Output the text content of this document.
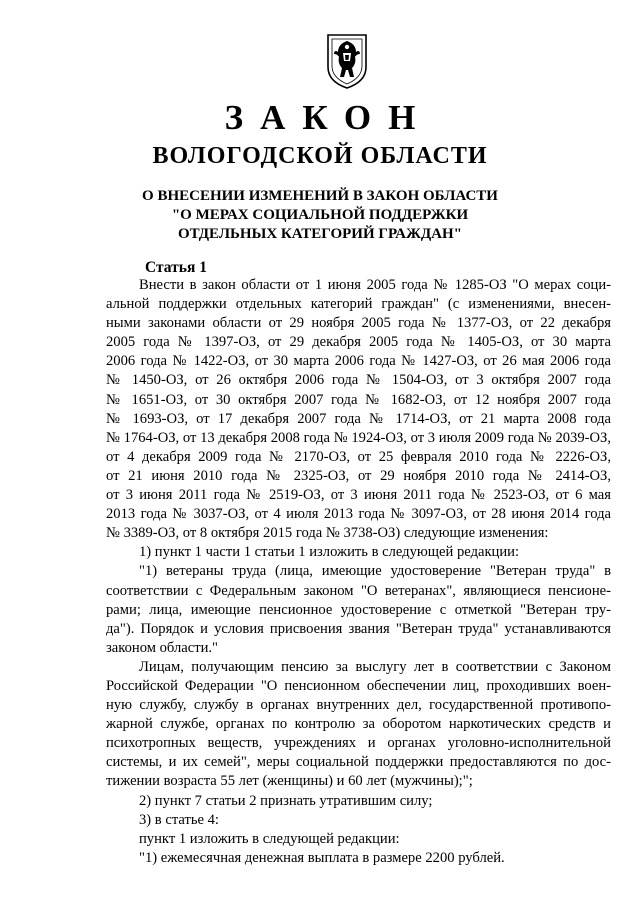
ЗАКОН
ВОЛОГОДСКОЙ ОБЛАСТИ
О ВНЕСЕНИИ ИЗМЕНЕНИЙ В ЗАКОН ОБЛАСТИ
"О МЕРАХ СОЦИАЛЬНОЙ ПОДДЕРЖКИ
ОТДЕЛЬНЫХ КАТЕГОРИЙ ГРАЖДАН"
Статья 1
Внести в закон области от 1 июня 2005 года № 1285-ОЗ "О мерах соци-
альной поддержки отдельных категорий граждан" (с изменениями, внесен-
ными законами области от 29 ноября 2005 года № 1377-ОЗ, от 22 декабря
2005 года № 1397-ОЗ, от 29 декабря 2005 года № 1405-ОЗ, от 30 марта
2006 года № 1422-ОЗ, от 30 марта 2006 года № 1427-ОЗ, от 26 мая 2006 года
№ 1450-ОЗ, от 26 октября 2006 года № 1504-ОЗ, от 3 октября 2007 года
№ 1651-ОЗ, от 30 октября 2007 года № 1682-ОЗ, от 12 ноября 2007 года
№ 1693-ОЗ, от 17 декабря 2007 года № 1714-ОЗ, от 21 марта 2008 года
№ 1764-ОЗ, от 13 декабря 2008 года № 1924-ОЗ, от 3 июля 2009 года № 2039-ОЗ,
от 4 декабря 2009 года № 2170-ОЗ, от 25 февраля 2010 года № 2226-ОЗ,
от 21 июня 2010 года № 2325-ОЗ, от 29 ноября 2010 года № 2414-ОЗ,
от 3 июня 2011 года № 2519-ОЗ, от 3 июня 2011 года № 2523-ОЗ, от 6 мая
2013 года № 3037-ОЗ, от 4 июля 2013 года № 3097-ОЗ, от 28 июня 2014 года
№ 3389-ОЗ, от 8 октября 2015 года № 3738-ОЗ) следующие изменения:
1) пункт 1 части 1 статьи 1 изложить в следующей редакции:
"1) ветераны труда (лица, имеющие удостоверение "Ветеран труда" в
соответствии с Федеральным законом "О ветеранах", являющиеся пенсионе-
рами; лица, имеющие пенсионное удостоверение с отметкой "Ветеран тру-
да"). Порядок и условия присвоения звания "Ветеран труда" устанавливаются
законом области."
Лицам, получающим пенсию за выслугу лет в соответствии с Законом
Российской Федерации "О пенсионном обеспечении лиц, проходивших воен-
ную службу, службу в органах внутренних дел, государственной противопо-
жарной службе, органах по контролю за оборотом наркотических средств и
психотропных веществ, учреждениях и органах уголовно-исполнительной
системы, и их семей", меры социальной поддержки предоставляются по дос-
тижении возраста 55 лет (женщины) и 60 лет (мужчины);";
2) пункт 7 статьи 2 признать утратившим силу;
3) в статье 4:
пункт 1 изложить в следующей редакции:
"1) ежемесячная денежная выплата в размере 2200 рублей.
